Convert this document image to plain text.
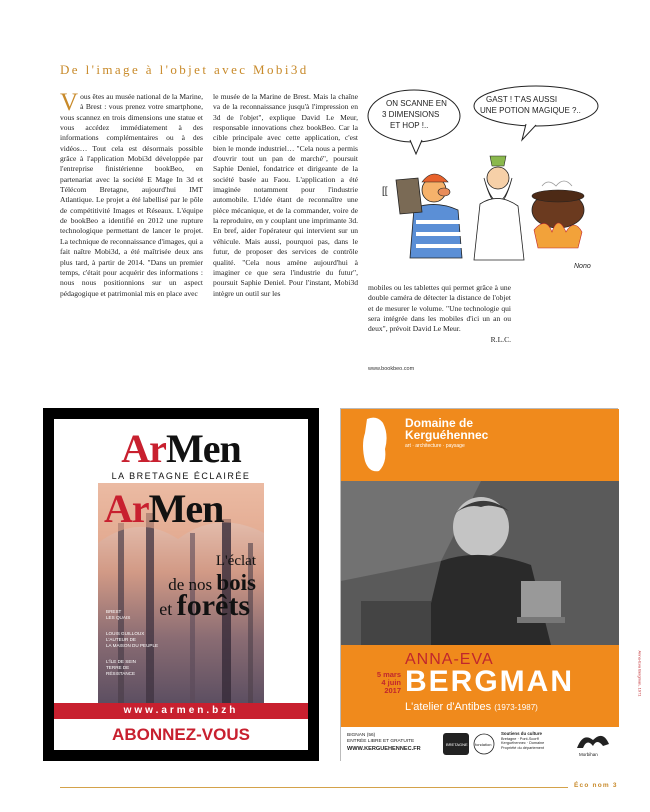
De l'image à l'objet avec Mobi3d
V ous êtes au musée national de la Marine, à Brest : vous prenez votre smartphone, vous scannez en trois dimensions une statue et vous accédez immédiatement à des informations complémentaires ou à des vidéos… Tout cela est désormais possible grâce à l'application Mobi3d développée par l'entreprise finistérienne bookBeo, en partenariat avec la société E Mage In 3d et Télécom Bretagne, aujourd'hui IMT Atlantique. Le projet a été labellisé par le pôle de compétitivité Images et Réseaux. L'équipe de bookBeo a identifié en 2012 une rupture technologique permettant de lancer le projet. La technique de reconnaissance d'images, qui a fait naître Mobi3d, a été maîtrisée deux ans plus tard, à partir de 2014. "Dans un premier temps, c'était pour acquérir des informations : nous nous positionnions sur un aspect pédagogique et patrimonial mis en place avec
le musée de la Marine de Brest. Mais la chaîne va de la reconnaissance jusqu'à l'impression en 3d de l'objet", explique David Le Meur, responsable innovations chez bookBeo. Car la cible principale avec cette application, c'est bien le monde industriel… "Cela nous a permis d'ouvrir tout un pan de marché", poursuit Saphie Deniel, fondatrice et dirigeante de la société basée au Faou. L'application a été imaginée notamment pour l'industrie automobile. L'idée étant de reconnaître une pièce mécanique, et de la commander, voire de la reproduire, en y couplant une imprimante 3d. En bref, aider l'opérateur qui intervient sur un véhicule. Mais aussi, pourquoi pas, dans le futur, de proposer des services de contrôle qualité. "Cela nous amène aujourd'hui à imaginer ce que sera l'industrie du futur", poursuit Saphie Deniel. Pour l'instant, Mobi3d intègre un outil sur les

mobiles ou les tablettes qui permet grâce à une double caméra de détecter la distance de l'objet et de mesurer le volume. "Une technologie qui sera intégrée dans les mobiles d'ici un an ou deux", prévoit David Le Meur.

R.L.C.

www.bookbeo.com
ON SCANNE EN
3 DIMENSIONS
ET HOP !..
GAST ! T'AS AUSSI
UNE POTION MAGIQUE ?..
[[
Nono
ArMen
LA BRETAGNE ÉCLAIRÉE
ArMen
L'éclat
de nos bois
et forêts
BREST
LES QUAIS
LOUIS GUILLOUX
L'AUTEUR DE
LA MAISON DU PEUPLE
L'ÎLE DE SEIN
TERRE DE
RÉSISTANCE
www.armen.bzh
ABONNEZ-VOUS
Domaine de
Kerguéhennec
art · architecture · paysage
5 mars
4 juin
2017
ANNA-EVA
BERGMAN
L'atelier d'Antibes (1973-1987)
Anna-Eva Bergman, 1971
BIGNAN (56)
ENTRÉE LIBRE ET GRATUITE
WWW.KERGUEHENNEC.FR
BRETAGNE fondation
Soutiens du culture
Bretagne · Pont-Scorff
Kerguéhennec · Domaine
Propriété du département
Morbihan
Éco nom 3
